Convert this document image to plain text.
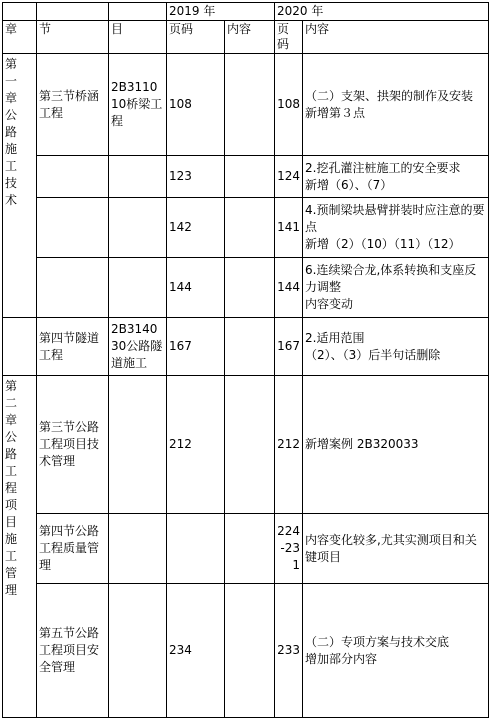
			2019 年		2020 年	
章	节	目	页码	内容	页码	内容
第 一 章 公 路 施 工 技 术	第三节桥涵工程	2B311010桥梁工程	108		108	（二）支架、拱架的制作及安装
新增第３点

			123		124	2.挖孔灌注桩施工的安全要求
新增（6）、（7）

			142		141	4.预制梁块悬臂拼装时应注意的要点
新增（2）（10）（11）（12）

			144		144	6.连续梁合龙,体系转换和支座反力调整
内容变动

	第四节隧道工程	2B314030公路隧道施工	167		167	2.适用范围
（2）、（3）后半句话删除

第 二 章 公 路 工 程 项 目 施 工 管 理	第三节公路工程项目技术管理		212		212	新增案例 2B320033

	第四节公路工程质量管理				224-231	内容变化较多,尤其实测项目和关键项目

	第五节公路工程项目安全管理		234		233	（二）专项方案与技术交底
增加部分内容
